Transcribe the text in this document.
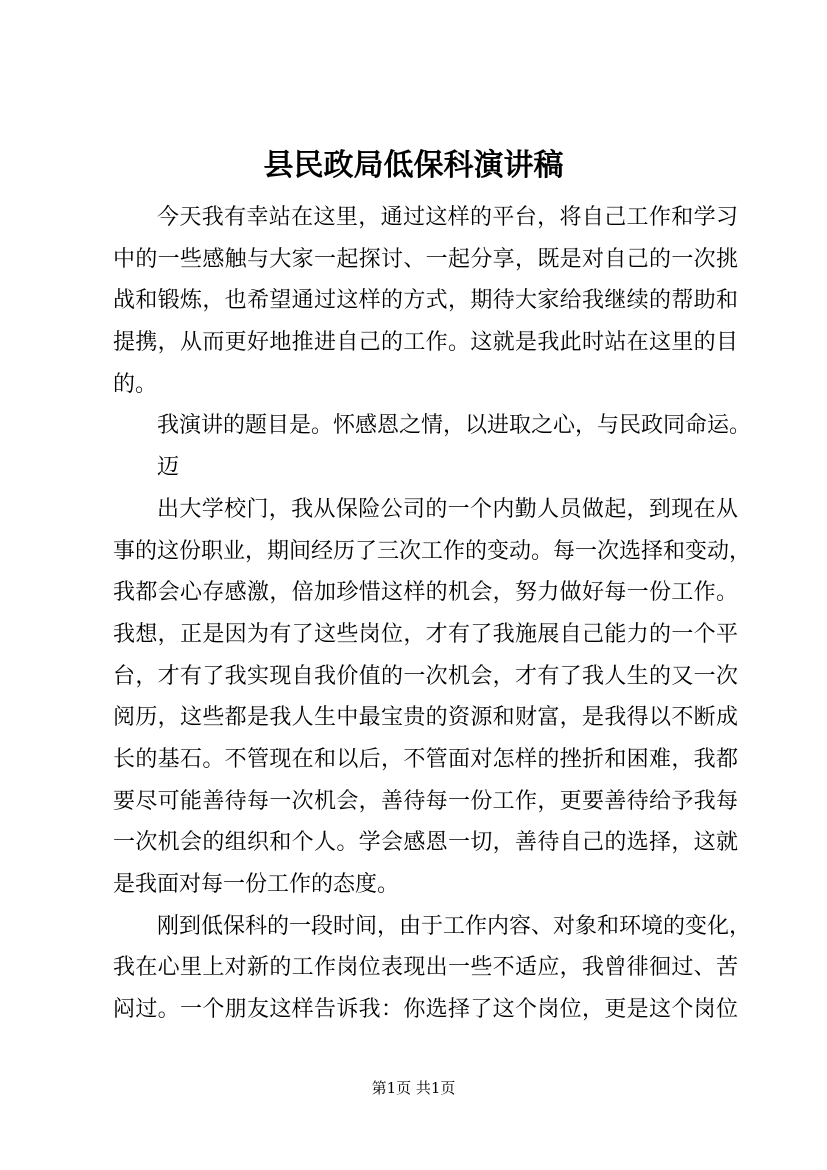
县民政局低保科演讲稿
今天我有幸站在这里，通过这样的平台，将自己工作和学习
中的一些感触与大家一起探讨、一起分享，既是对自己的一次挑
战和锻炼，也希望通过这样的方式，期待大家给我继续的帮助和
提携，从而更好地推进自己的工作。这就是我此时站在这里的目
的。
我演讲的题目是。怀感恩之情，以进取之心，与民政同命运。
迈
出大学校门，我从保险公司的一个内勤人员做起，到现在从
事的这份职业，期间经历了三次工作的变动。每一次选择和变动，
我都会心存感激，倍加珍惜这样的机会，努力做好每一份工作。
我想，正是因为有了这些岗位，才有了我施展自己能力的一个平
台，才有了我实现自我价值的一次机会，才有了我人生的又一次
阅历，这些都是我人生中最宝贵的资源和财富，是我得以不断成
长的基石。不管现在和以后，不管面对怎样的挫折和困难，我都
要尽可能善待每一次机会，善待每一份工作，更要善待给予我每
一次机会的组织和个人。学会感恩一切，善待自己的选择，这就
是我面对每一份工作的态度。
刚到低保科的一段时间，由于工作内容、对象和环境的变化，
我在心里上对新的工作岗位表现出一些不适应，我曾徘徊过、苦
闷过。一个朋友这样告诉我：你选择了这个岗位，更是这个岗位
第1页 共1页
